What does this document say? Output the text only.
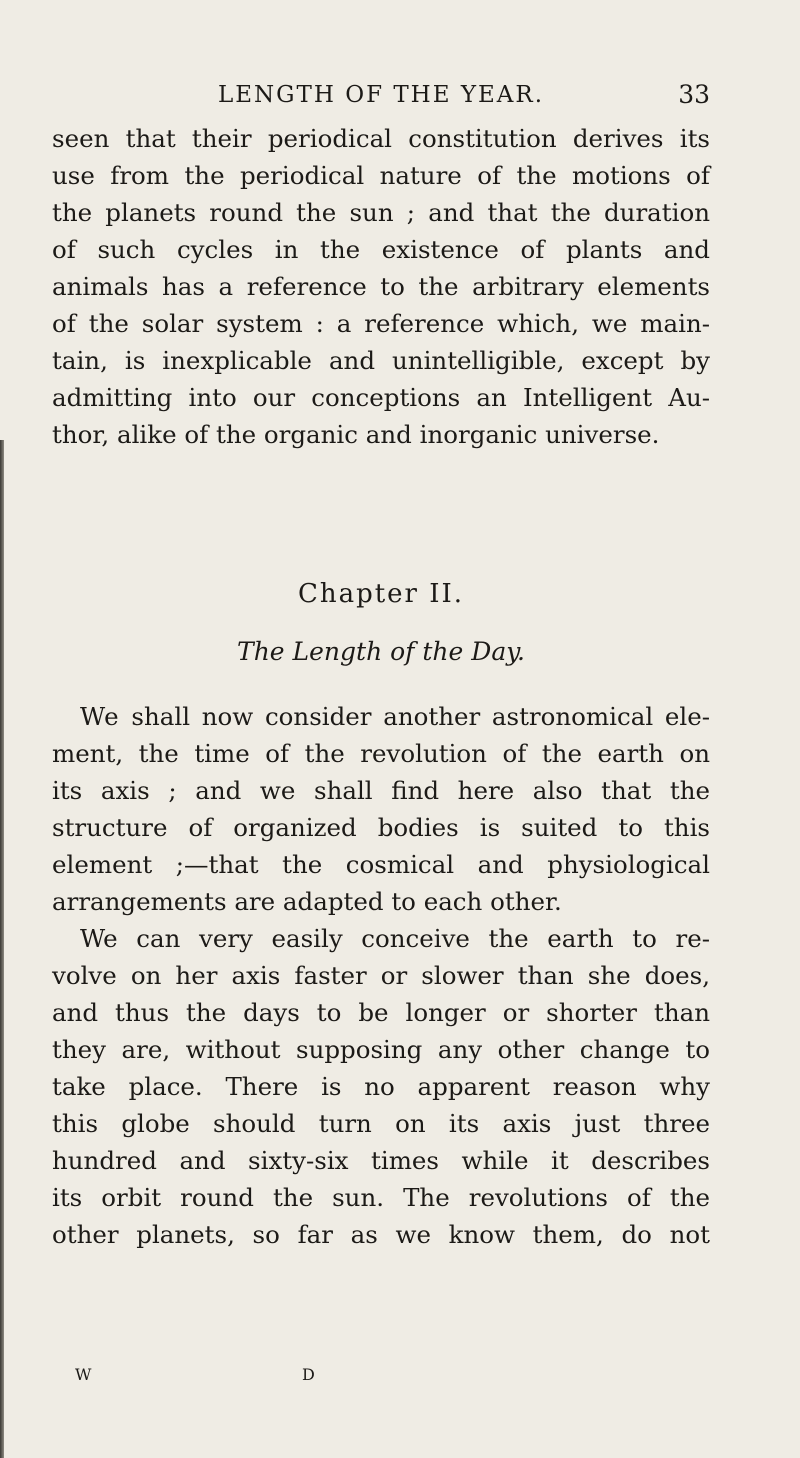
LENGTH OF THE YEAR.	33
seen that their periodical constitution derives its
use from the periodical nature of the motions of
the planets round the sun ; and that the duration
of such cycles in the existence of plants and
animals has a reference to the arbitrary elements
of the solar system : a reference which, we main-
tain, is inexplicable and unintelligible, except by
admitting into our conceptions an Intelligent Au-
thor, alike of the organic and inorganic universe.
Chapter II.
The Length of the Day.
We shall now consider another astronomical ele-
ment, the time of the revolution of the earth on
its axis ; and we shall find here also that the
structure of organized bodies is suited to this
element ;—that the cosmical and physiological
arrangements are adapted to each other.
We can very easily conceive the earth to re-
volve on her axis faster or slower than she does,
and thus the days to be longer or shorter than
they are, without supposing any other change to
take place. There is no apparent reason why
this globe should turn on its axis just three
hundred and sixty-six times while it describes
its orbit round the sun. The revolutions of the
other planets, so far as we know them, do not
W	D
